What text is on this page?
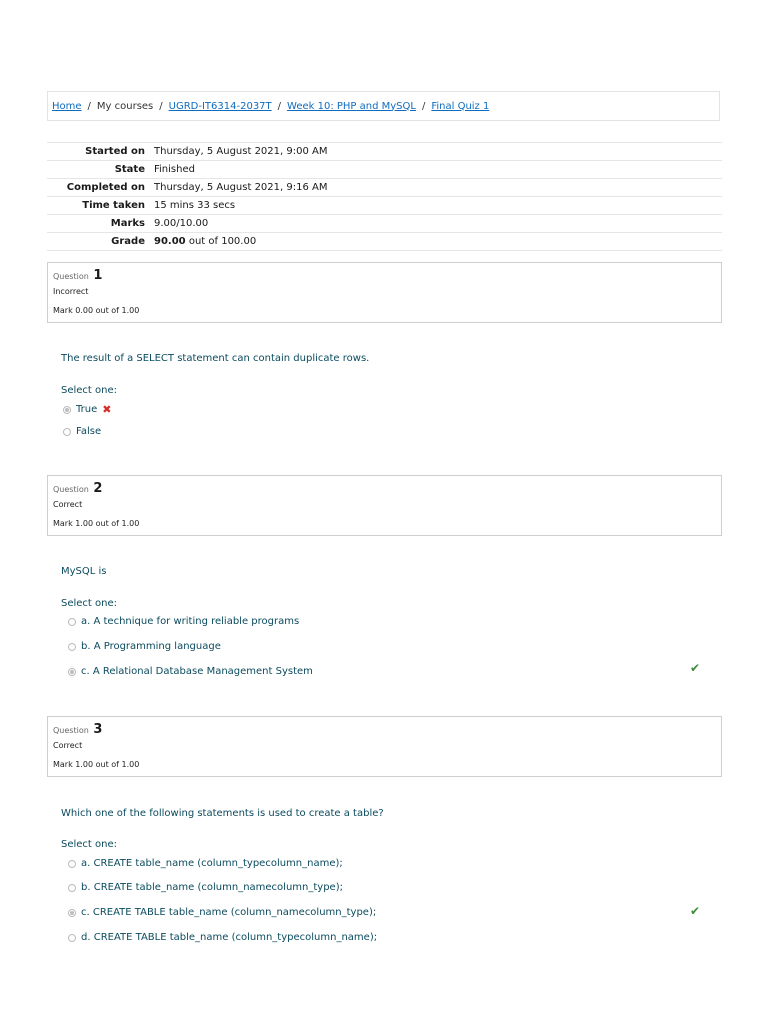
Home / My courses / UGRD-IT6314-2037T / Week 10: PHP and MySQL / Final Quiz 1
Started on	Thursday, 5 August 2021, 9:00 AM
State	Finished
Completed on	Thursday, 5 August 2021, 9:16 AM
Time taken	15 mins 33 secs
Marks	9.00/10.00
Grade	90.00 out of 100.00
Question 1
Incorrect
Mark 0.00 out of 1.00
The result of a SELECT statement can contain duplicate rows.
Select one:
True ✖
False
Question 2
Correct
Mark 1.00 out of 1.00
MySQL is
Select one:
a. A technique for writing reliable programs
b. A Programming language
c. A Relational Database Management System	✔
Question 3
Correct
Mark 1.00 out of 1.00
Which one of the following statements is used to create a table?
Select one:
a. CREATE table_name (column_typecolumn_name);
b. CREATE table_name (column_namecolumn_type);
c. CREATE TABLE table_name (column_namecolumn_type);
d. CREATE TABLE table_name (column_typecolumn_name);
✔
